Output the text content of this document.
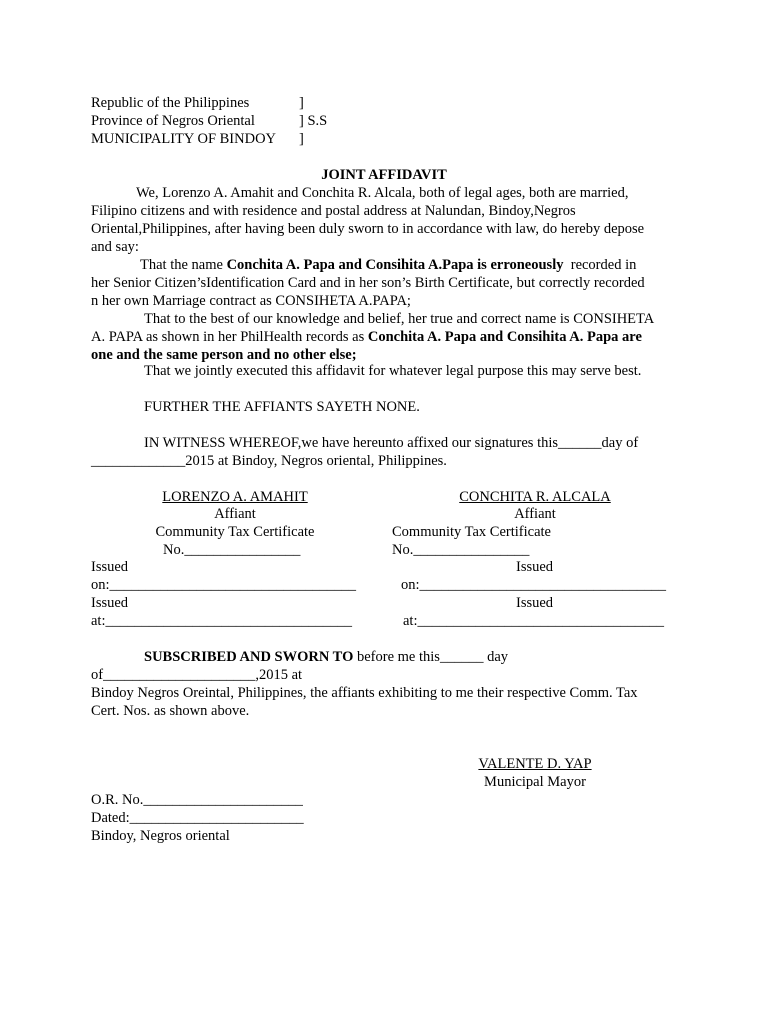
Republic of the Philippines
Province of Negros Oriental
MUNICIPALITY OF BINDOY
]
] S.S
]
JOINT AFFIDAVIT
We, Lorenzo A. Amahit and Conchita R. Alcala, both of legal ages, both are married,
Filipino citizens and with residence and postal address at Nalundan, Bindoy,Negros
Oriental,Philippines, after having been duly sworn to in accordance with law, do hereby depose
and say:
That the name Conchita A. Papa and Consihita A.Papa is erroneously  recorded in
her Senior Citizen’sIdentification Card and in her son’s Birth Certificate, but correctly recorded
n her own Marriage contract as CONSIHETA A.PAPA;
That to the best of our knowledge and belief, her true and correct name is CONSIHETA
A. PAPA as shown in her PhilHealth records as Conchita A. Papa and Consihita A. Papa are
one and the same person and no other else;
That we jointly executed this affidavit for whatever legal purpose this may serve best.
FURTHER THE AFFIANTS SAYETH NONE.
IN WITNESS WHEREOF,we have hereunto affixed our signatures this______day of
_____________2015 at Bindoy, Negros oriental, Philippines.
LORENZO A. AMAHIT
Affiant
Community Tax Certificate
No.________________
Issued
on:__________________________________
Issued
at:__________________________________
CONCHITA R. ALCALA
Affiant
Community Tax Certificate
No.________________
Issued
on:__________________________________
Issued
at:__________________________________
SUBSCRIBED AND SWORN TO before me this______ day
of_____________________,2015 at
Bindoy Negros Oreintal, Philippines, the affiants exhibiting to me their respective Comm. Tax
Cert. Nos. as shown above.
VALENTE D. YAP
Municipal Mayor
O.R. No.______________________
Dated:________________________
Bindoy, Negros oriental
